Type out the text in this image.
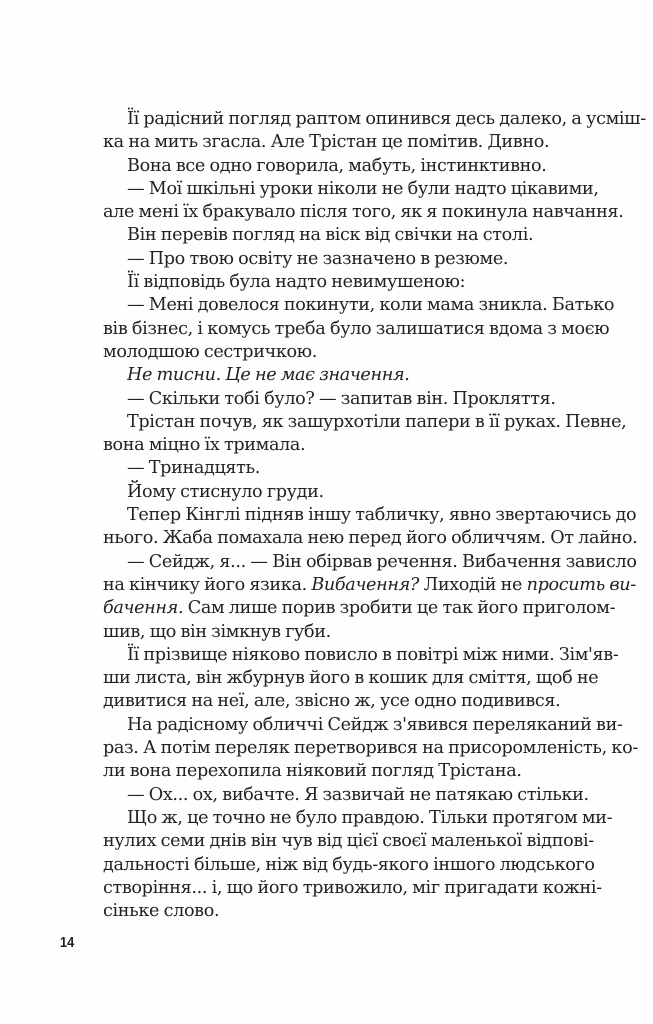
Її радісний погляд раптом опинився десь далеко, а усміш-
ка на мить згасла. Але Трістан це помітив. Дивно.
Вона все одно говорила, мабуть, інстинктивно.
— Мої шкільні уроки ніколи не були надто цікавими,
але мені їх бракувало після того, як я покинула навчання.
Він перевів погляд на віск від свічки на столі.
— Про твою освіту не зазначено в резюме.
Її відповідь була надто невимушеною:
— Мені довелося покинути, коли мама зникла. Батько
вів бізнес, і комусь треба було залишатися вдома з моєю
молодшою сестричкою.
Не тисни. Це не має значення.
— Скільки тобі було? — запитав він. Прокляття.
Трістан почув, як зашурхотіли папери в її руках. Певне,
вона міцно їх тримала.
— Тринадцять.
Йому стиснуло груди.
Тепер Кінглі підняв іншу табличку, явно звертаючись до
нього. Жаба помахала нею перед його обличчям. От лайно.
— Сейдж, я... — Він обірвав речення. Вибачення зависло
на кінчику його язика. Вибачення? Лиходій не просить ви-
бачення. Сам лише порив зробити це так його приголом-
шив, що він зімкнув губи.
Її прізвище ніяково повисло в повітрі між ними. Зім'яв-
ши листа, він жбурнув його в кошик для сміття, щоб не
дивитися на неї, але, звісно ж, усе одно подивився.
На радісному обличчі Сейдж з'явився переляканий ви-
раз. А потім переляк перетворився на присоромленість, ко-
ли вона перехопила ніяковий погляд Трістана.
— Ох... ох, вибачте. Я зазвичай не патякаю стільки.
Що ж, це точно не було правдою. Тільки протягом ми-
нулих семи днів він чув від цієї своєї маленької відпові-
дальності більше, ніж від будь-якого іншого людського
створіння... і, що його тривожило, міг пригадати кожні-
сіньке слово.
14
